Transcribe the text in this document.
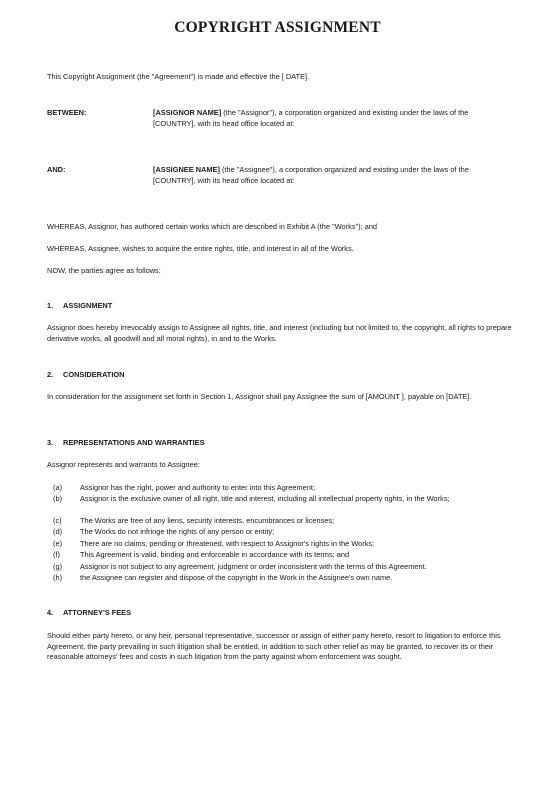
COPYRIGHT ASSIGNMENT
This Copyright Assignment (the "Agreement") is made and effective the [ DATE].
BETWEEN:	[ASSIGNOR NAME] (the "Assignor"), a corporation organized and existing under the laws of the [COUNTRY], with its head office located at:
AND:	[ASSIGNEE NAME] (the "Assignee"), a corporation organized and existing under the laws of the [COUNTRY], with its head office located at:
WHEREAS, Assignor, has authored certain works which are described in Exhibit A (the "Works"); and
WHEREAS, Assignee, wishes to acquire the entire rights, title, and interest in all of the Works.
NOW, the parties agree as follows:
1. ASSIGNMENT
Assignor does hereby irrevocably assign to Assignee all rights, title, and interest (including but not limited to, the copyright, all rights to prepare derivative works, all goodwill and all moral rights), in and to the Works.
2. CONSIDERATION
In consideration for the assignment set forth in Section 1, Assignor shall pay Assignee the sum of [AMOUNT ], payable on [DATE].
3. REPRESENTATIONS AND WARRANTIES
Assignor represents and warrants to Assignee:
(a) Assignor has the right, power and authority to enter into this Agreement;
(b) Assignor is the exclusive owner of all right, title and interest, including all intellectual property rights, in the Works;
(c) The Works are free of any liens, security interests, encumbrances or licenses;
(d) The Works do not infringe the rights of any person or entity;
(e) There are no claims, pending or threatened, with respect to Assignor's rights in the Works;
(f)	This Agreement is valid, binding and enforceable in accordance with its terms; and
(g) Assignor is not subject to any agreement, judgment or order inconsistent with the terms of this Agreement.
(h) the Assignee can register and dispose of the copyright in the Work in the Assignee's own name.
4. ATTORNEY'S FEES
Should either party hereto, or any heir, personal representative, successor or assign of either party hereto, resort to litigation to enforce this Agreement, the party prevailing in such litigation shall be entitled, in addition to such other relief as may be granted, to recover its or their reasonable attorneys' fees and costs in such litigation from the party against whom enforcement was sought.
